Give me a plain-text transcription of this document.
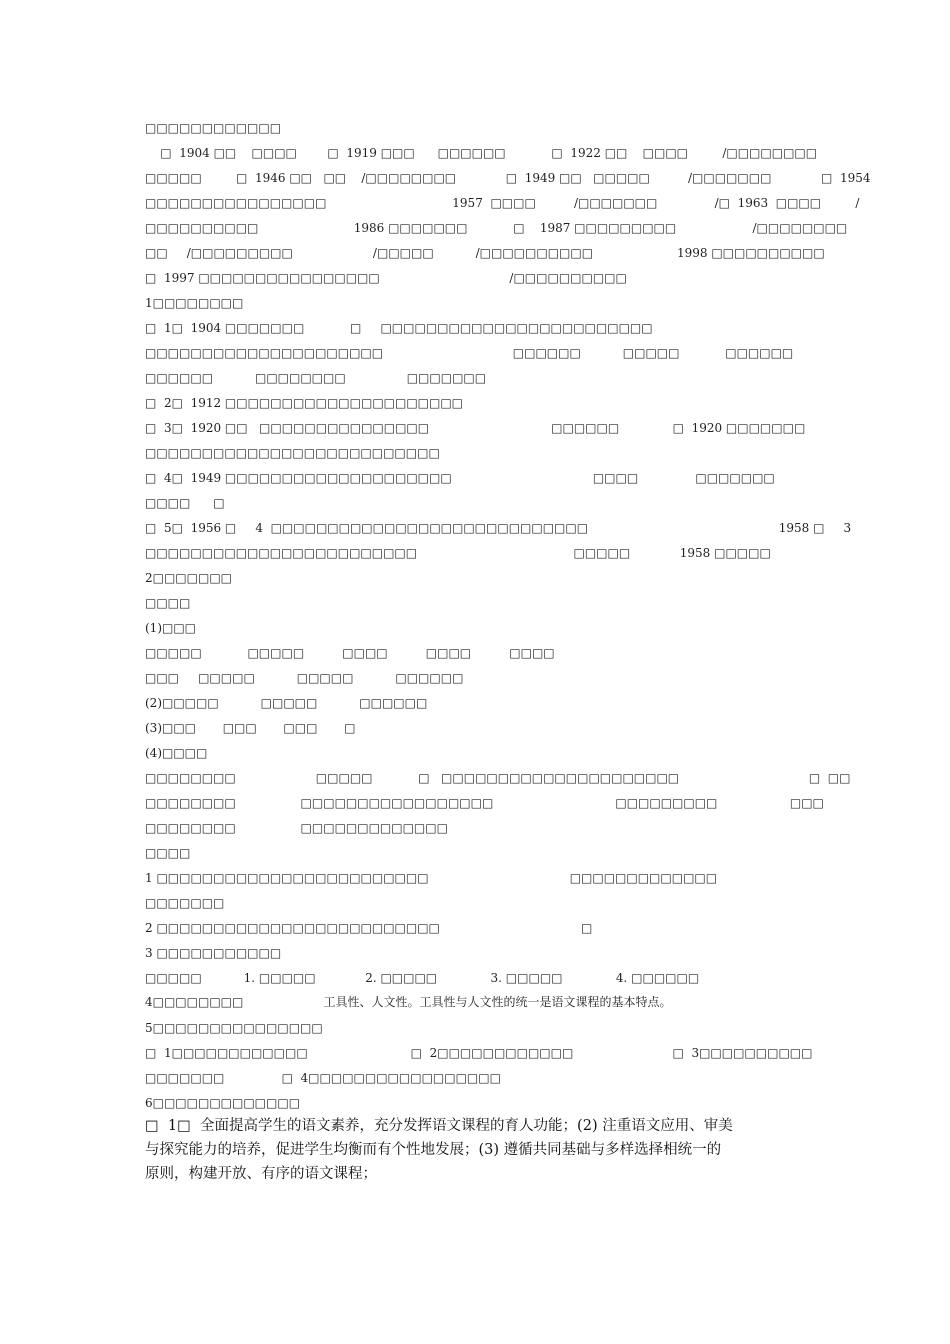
□□□□□□□□□□□□
□  1904 □□    □□□□        □  1919 □□□      □□□□□□            □  1922 □□    □□□□         /□□□□□□□□
□□□□□         □  1946 □□   □□    /□□□□□□□□             □  1949 □□   □□□□□          /□□□□□□□             □  1954
□□□□□□□□□□□□□□□□                                 1957  □□□□          /□□□□□□□               /□  1963  □□□□         /
□□□□□□□□□□                         1986 □□□□□□□            □    1987 □□□□□□□□□                    /□□□□□□□□
□□     /□□□□□□□□□                     /□□□□□           /□□□□□□□□□□                      1998 □□□□□□□□□□
□  1997 □□□□□□□□□□□□□□□□                                  /□□□□□□□□□□
1□□□□□□□□
□  1□  1904 □□□□□□□            □     □□□□□□□□□□□□□□□□□□□□□□□□
□□□□□□□□□□□□□□□□□□□□□                                  □□□□□□           □□□□□            □□□□□□
□□□□□□           □□□□□□□□                □□□□□□□
□  2□  1912 □□□□□□□□□□□□□□□□□□□□□
□  3□  1920 □□   □□□□□□□□□□□□□□□                                □□□□□□              □  1920 □□□□□□□
□□□□□□□□□□□□□□□□□□□□□□□□□□
□  4□  1949 □□□□□□□□□□□□□□□□□□□□                                     □□□□               □□□□□□□
□□□□      □
□  5□  1956 □     4  □□□□□□□□□□□□□□□□□□□□□□□□□□□□                                                  1958 □     3
□□□□□□□□□□□□□□□□□□□□□□□□                                         □□□□□             1958 □□□□□
2□□□□□□□
□□□□
(1)□□□
□□□□□            □□□□□          □□□□          □□□□          □□□□
□□□     □□□□□           □□□□□           □□□□□□
(2)□□□□□           □□□□□           □□□□□□
(3)□□□       □□□       □□□       □
(4)□□□□
□□□□□□□□                     □□□□□            □   □□□□□□□□□□□□□□□□□□□□□                                  □  □□
□□□□□□□□                 □□□□□□□□□□□□□□□□□                                □□□□□□□□□                   □□□
□□□□□□□□                 □□□□□□□□□□□□□
□□□□
1 □□□□□□□□□□□□□□□□□□□□□□□□                                     □□□□□□□□□□□□□
□□□□□□□
2 □□□□□□□□□□□□□□□□□□□□□□□□□                                     □
3 □□□□□□□□□□□
□□□□□           1. □□□□□             2. □□□□□              3. □□□□□              4. □□□□□□
4□□□□□□□□                     工具性、人文性。工具性与人文性的统一是语文课程的基本特点。
5□□□□□□□□□□□□□□□
□  1□□□□□□□□□□□□                           □  2□□□□□□□□□□□□                          □  3□□□□□□□□□□
□□□□□□□               □  4□□□□□□□□□□□□□□□□□
6□□□□□□□□□□□□□
□  1□  全面提高学生的语文素养，充分发挥语文课程的育人功能；(2) 注重语文应用、审美
与探究能力的培养，促进学生均衡而有个性地发展；(3) 遵循共同基础与多样选择相统一的
原则，构建开放、有序的语文课程；
